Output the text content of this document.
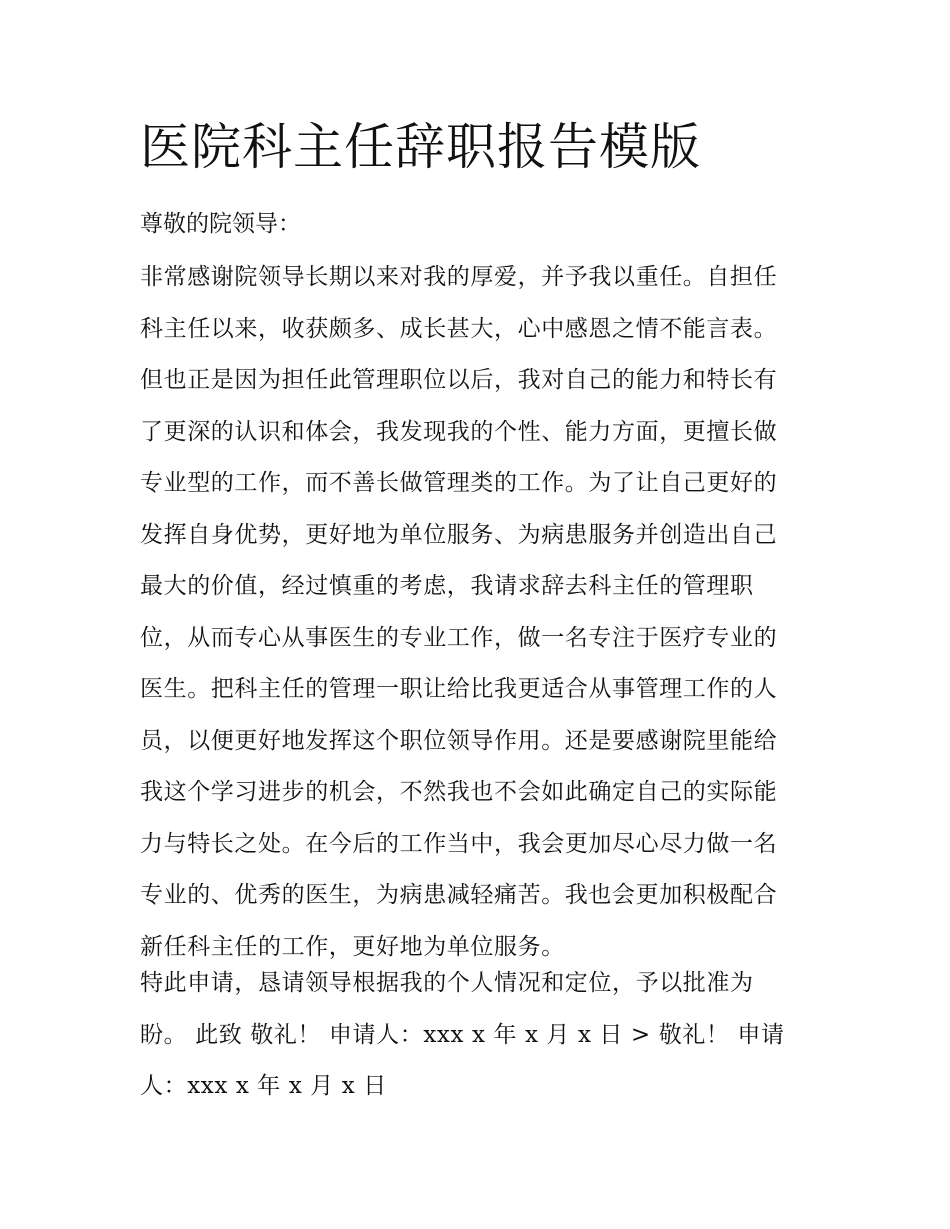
医院科主任辞职报告模版

尊敬的院领导：

非常感谢院领导长期以来对我的厚爱，并予我以重任。自担任
科主任以来，收获颇多、成长甚大，心中感恩之情不能言表。
但也正是因为担任此管理职位以后，我对自己的能力和特长有
了更深的认识和体会，我发现我的个性、能力方面，更擅长做
专业型的工作，而不善长做管理类的工作。为了让自己更好的
发挥自身优势，更好地为单位服务、为病患服务并创造出自己
最大的价值，经过慎重的考虑，我请求辞去科主任的管理职
位，从而专心从事医生的专业工作，做一名专注于医疗专业的
医生。把科主任的管理一职让给比我更适合从事管理工作的人
员，以便更好地发挥这个职位领导作用。还是要感谢院里能给
我这个学习进步的机会，不然我也不会如此确定自己的实际能
力与特长之处。在今后的工作当中，我会更加尽心尽力做一名
专业的、优秀的医生，为病患减轻痛苦。我也会更加积极配合
新任科主任的工作，更好地为单位服务。
特此申请，恳请领导根据我的个人情况和定位，予以批准为
盼。 此致 敬礼！ 申请人：xxx x 年 x 月 x 日 > 敬礼！ 申请
人：xxx x 年 x 月 x 日
